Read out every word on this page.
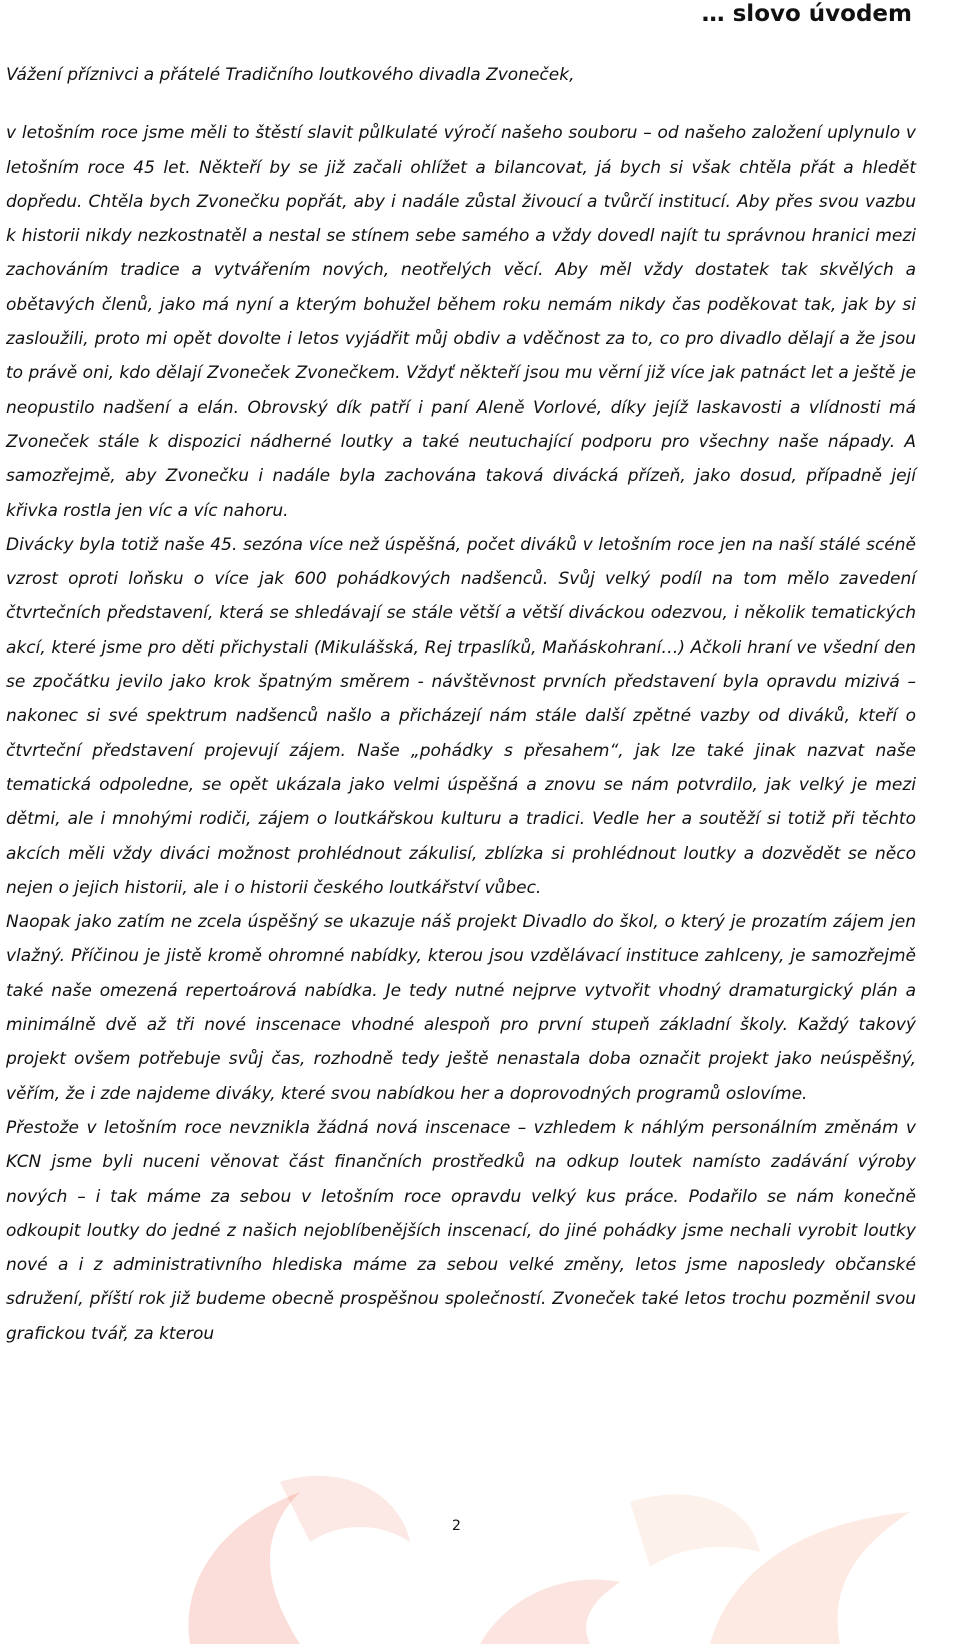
… slovo úvodem

Vážení příznivci a přátelé Tradičního loutkového divadla Zvoneček,

v letošním roce jsme měli to štěstí slavit půlkulaté výročí našeho souboru – od našeho založení uplynulo v letošním roce 45 let. Někteří by se již začali ohlížet a bilancovat, já bych si však chtěla přát a hledět dopředu. Chtěla bych Zvonečku popřát, aby i nadále zůstal živoucí a tvůrčí institucí. Aby přes svou vazbu k historii nikdy nezkostnatěl a nestal se stínem sebe samého a vždy dovedl najít tu správnou hranici mezi zachováním tradice a vytvářením nových, neotřelých věcí. Aby měl vždy dostatek tak skvělých a obětavých členů, jako má nyní a kterým bohužel během roku nemám nikdy čas poděkovat tak, jak by si zasloužili, proto mi opět dovolte i letos vyjádřit můj obdiv a vděčnost za to, co pro divadlo dělají a že jsou to právě oni, kdo dělají Zvoneček Zvonečkem. Vždyť někteří jsou mu věrní již více jak patnáct let a ještě je neopustilo nadšení a elán. Obrovský dík patří i paní Aleně Vorlové, díky jejíž laskavosti a vlídnosti má Zvoneček stále k dispozici nádherné loutky a také neutuchající podporu pro všechny naše nápady. A samozřejmě, aby Zvonečku i nadále byla zachována taková divácká přízeň, jako dosud, případně její křivka rostla jen víc a víc nahoru.

Divácky byla totiž naše 45. sezóna více než úspěšná, počet diváků v letošním roce jen na naší stálé scéně vzrost oproti loňsku o více jak 600 pohádkových nadšenců. Svůj velký podíl na tom mělo zavedení čtvrtečních představení, která se shledávají se stále větší a větší diváckou odezvou, i několik tematických akcí, které jsme pro děti přichystali (Mikulášská, Rej trpaslíků, Maňáskohraní…) Ačkoli hraní ve všední den se zpočátku jevilo jako krok špatným směrem - návštěvnost prvních představení byla opravdu mizivá – nakonec si své spektrum nadšenců našlo a přicházejí nám stále další zpětné vazby od diváků, kteří o čtvrteční představení projevují zájem. Naše „pohádky s přesahem“, jak lze také jinak nazvat naše tematická odpoledne, se opět ukázala jako velmi úspěšná a znovu se nám potvrdilo, jak velký je mezi dětmi, ale i mnohými rodiči, zájem o loutkářskou kulturu a tradici. Vedle her a soutěží si totiž při těchto akcích měli vždy diváci možnost prohlédnout zákulisí, zblízka si prohlédnout loutky a dozvědět se něco nejen o jejich historii, ale i o historii českého loutkářství vůbec.

Naopak jako zatím ne zcela úspěšný se ukazuje náš projekt Divadlo do škol, o který je prozatím zájem jen vlažný. Příčinou je jistě kromě ohromné nabídky, kterou jsou vzdělávací instituce zahlceny, je samozřejmě také naše omezená repertoárová nabídka. Je tedy nutné nejprve vytvořit vhodný dramaturgický plán a minimálně dvě až tři nové inscenace vhodné alespoň pro první stupeň základní školy. Každý takový projekt ovšem potřebuje svůj čas, rozhodně tedy ještě nenastala doba označit projekt jako neúspěšný, věřím, že i zde najdeme diváky, které svou nabídkou her a doprovodných programů oslovíme.

Přestože v letošním roce nevznikla žádná nová inscenace – vzhledem k náhlým personálním změnám v KCN jsme byli nuceni věnovat část finančních prostředků na odkup loutek namísto zadávání výroby nových – i tak máme za sebou v letošním roce opravdu velký kus práce. Podařilo se nám konečně odkoupit loutky do jedné z našich nejoblíbenějších inscenací, do jiné pohádky jsme nechali vyrobit loutky nové a i z administrativního hlediska máme za sebou velké změny, letos jsme naposledy občanské sdružení, příští rok již budeme obecně prospěšnou společností. Zvoneček také letos trochu pozměnil svou grafickou tvář, za kterou

2
